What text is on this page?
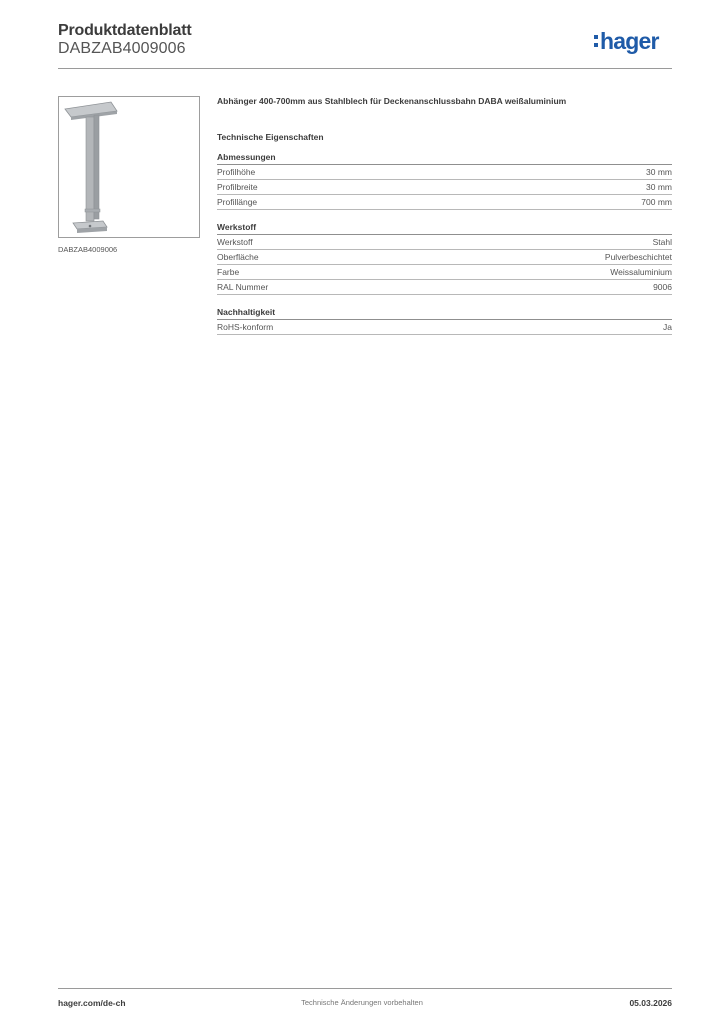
Produktdatenblatt
DABZAB4009006	hager
DABZAB4009006

Abhänger 400-700mm aus Stahlblech für Deckenanschlussbahn DABA weißaluminium

Technische Eigenschaften
Abmessungen
Profilhöhe	30 mm
Profilbreite	30 mm
Profillänge	700 mm
Werkstoff
Werkstoff	Stahl
Oberfläche	Pulverbeschichtet
Farbe	Weissaluminium
RAL Nummer	9006
Nachhaltigkeit
RoHS-konform	Ja
hager.com/de-ch	Technische Änderungen vorbehalten	05.03.2026
